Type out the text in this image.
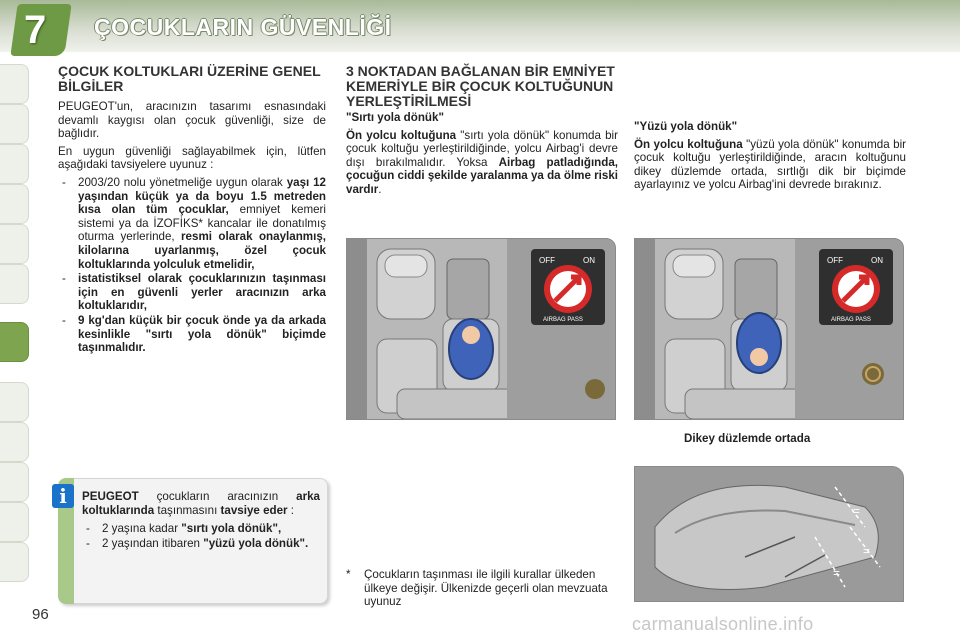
7 ÇOCUKLARIN GÜVENLİĞİ
ÇOCUK KOLTUKLARI ÜZERİNE GENEL BİLGİLER

PEUGEOT'un, aracınızın tasarımı esnasındaki devamlı kaygısı olan çocuk güvenliği, size de bağlıdır.

En uygun güvenliği sağlayabilmek için, lütfen aşağıdaki tavsiyelere uyunuz :

- 2003/20 nolu yönetmeliğe uygun olarak yaşı 12 yaşından küçük ya da boyu 1.5 metreden kısa olan tüm çocuklar, emniyet kemeri sistemi ya da İZOFİKS* kancalar ile donatılmış oturma yerlerinde, resmi olarak onaylanmış, kilolarına uyarlanmış, özel çocuk koltuklarında yolculuk etmelidir,
- istatistiksel olarak çocuklarınızın taşınması için en güvenli yerler aracınızın arka koltuklarıdır,
- 9 kg'dan küçük bir çocuk önde ya da arkada kesinlikle "sırtı yola dönük" biçimde taşınmalıdır.
i	PEUGEOT çocukların aracınızın arka koltuklarında taşınmasını tavsiye eder :

- 2 yaşına kadar "sırtı yola dönük",
- 2 yaşından itibaren "yüzü yola dönük".
3 NOKTADAN BAĞLANAN BİR EMNİYET KEMERİYLE BİR ÇOCUK KOLTUĞUNUN YERLEŞTİRİLMESİ
"Sırtı yola dönük"

Ön yolcu koltuğuna "sırtı yola dönük" konumda bir çocuk koltuğu yerleştirildiğinde, yolcu Airbag'i devre dışı bırakılmalıdır. Yoksa Airbag patladığında, çocuğun ciddi şekilde yaralanma ya da ölme riski vardır.

"Yüzü yola dönük"

Ön yolcu koltuğuna "yüzü yola dönük" konumda bir çocuk koltuğu yerleştirildiğinde, aracın koltuğunu dikey düzlemde ortada, sırtlığı dik bir biçimde ayarlayınız ve yolcu Airbag'ini devrede bırakınız.

OFF	ON
AIRBAG PASS
OFF	ON
AIRBAG PASS
Dikey düzlemde ortada
=
=
=
*	Çocukların taşınması ile ilgili kurallar ülkeden ülkeye değişir. Ülkenizde geçerli olan mevzuata uyunuz
96	carmanualsonline.info
